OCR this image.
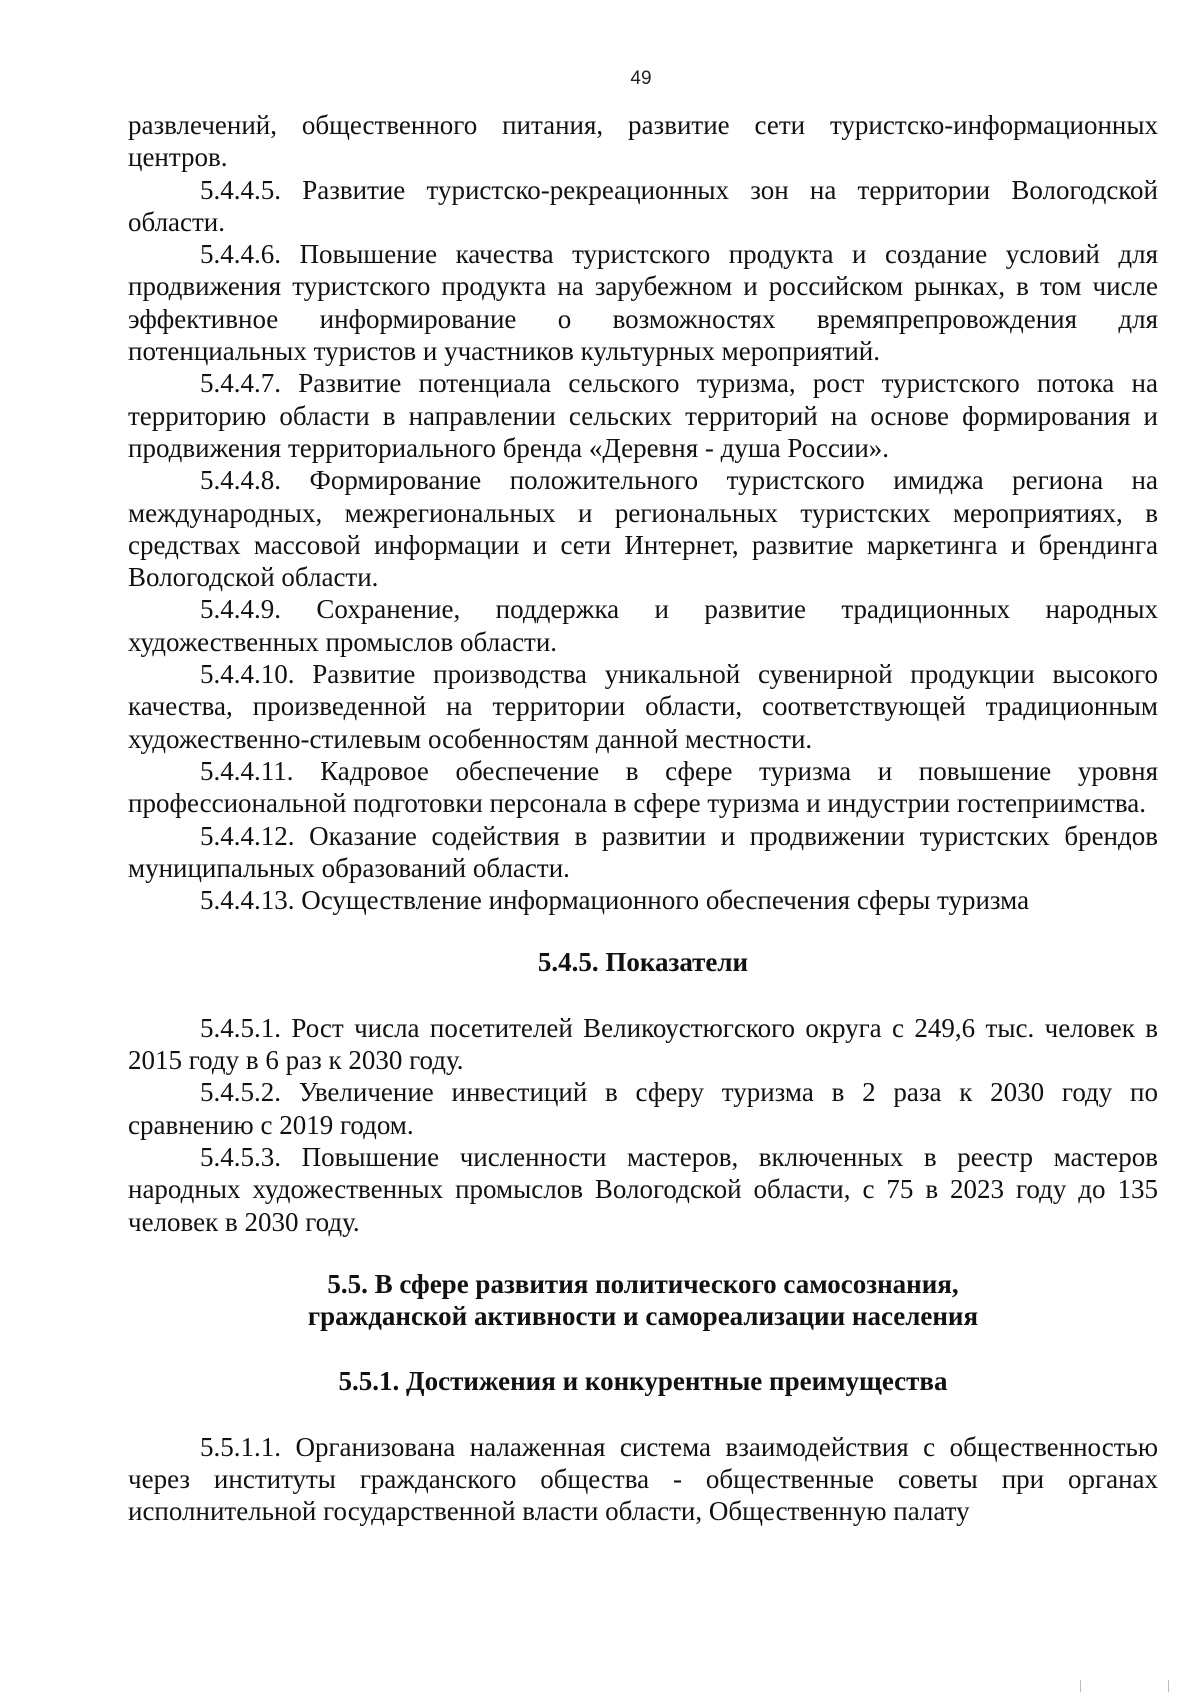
49

развлечений, общественного питания, развитие сети туристско-информационных центров.

5.4.4.5. Развитие туристско-рекреационных зон на территории Вологодской области.

5.4.4.6. Повышение качества туристского продукта и создание условий для продвижения туристского продукта на зарубежном и российском рынках, в том числе эффективное информирование о возможностях времяпрепровождения для потенциальных туристов и участников культурных мероприятий.

5.4.4.7. Развитие потенциала сельского туризма, рост туристского потока на территорию области в направлении сельских территорий на основе формирования и продвижения территориального бренда «Деревня - душа России».

5.4.4.8. Формирование положительного туристского имиджа региона на международных, межрегиональных и региональных туристских мероприятиях, в средствах массовой информации и сети Интернет, развитие маркетинга и брендинга Вологодской области.

5.4.4.9. Сохранение, поддержка и развитие традиционных народных художественных промыслов области.

5.4.4.10. Развитие производства уникальной сувенирной продукции высокого качества, произведенной на территории области, соответствующей традиционным художественно-стилевым особенностям данной местности.

5.4.4.11. Кадровое обеспечение в сфере туризма и повышение уровня профессиональной подготовки персонала в сфере туризма и индустрии гостеприимства.

5.4.4.12. Оказание содействия в развитии и продвижении туристских брендов муниципальных образований области.

5.4.4.13. Осуществление информационного обеспечения сферы туризма

5.4.5. Показатели

5.4.5.1. Рост числа посетителей Великоустюгского округа с 249,6 тыс. человек в 2015 году в 6 раз к 2030 году.

5.4.5.2. Увеличение инвестиций в сферу туризма в 2 раза к 2030 году по сравнению с 2019 годом.

5.4.5.3. Повышение численности мастеров, включенных в реестр мастеров народных художественных промыслов Вологодской области, с 75 в 2023 году до 135 человек в 2030 году.

5.5. В сфере развития политического самосознания,
гражданской активности и самореализации населения
5.5.1. Достижения и конкурентные преимущества

5.5.1.1. Организована налаженная система взаимодействия с общественностью через институты гражданского общества - общественные советы при органах исполнительной государственной власти области, Общественную палату
